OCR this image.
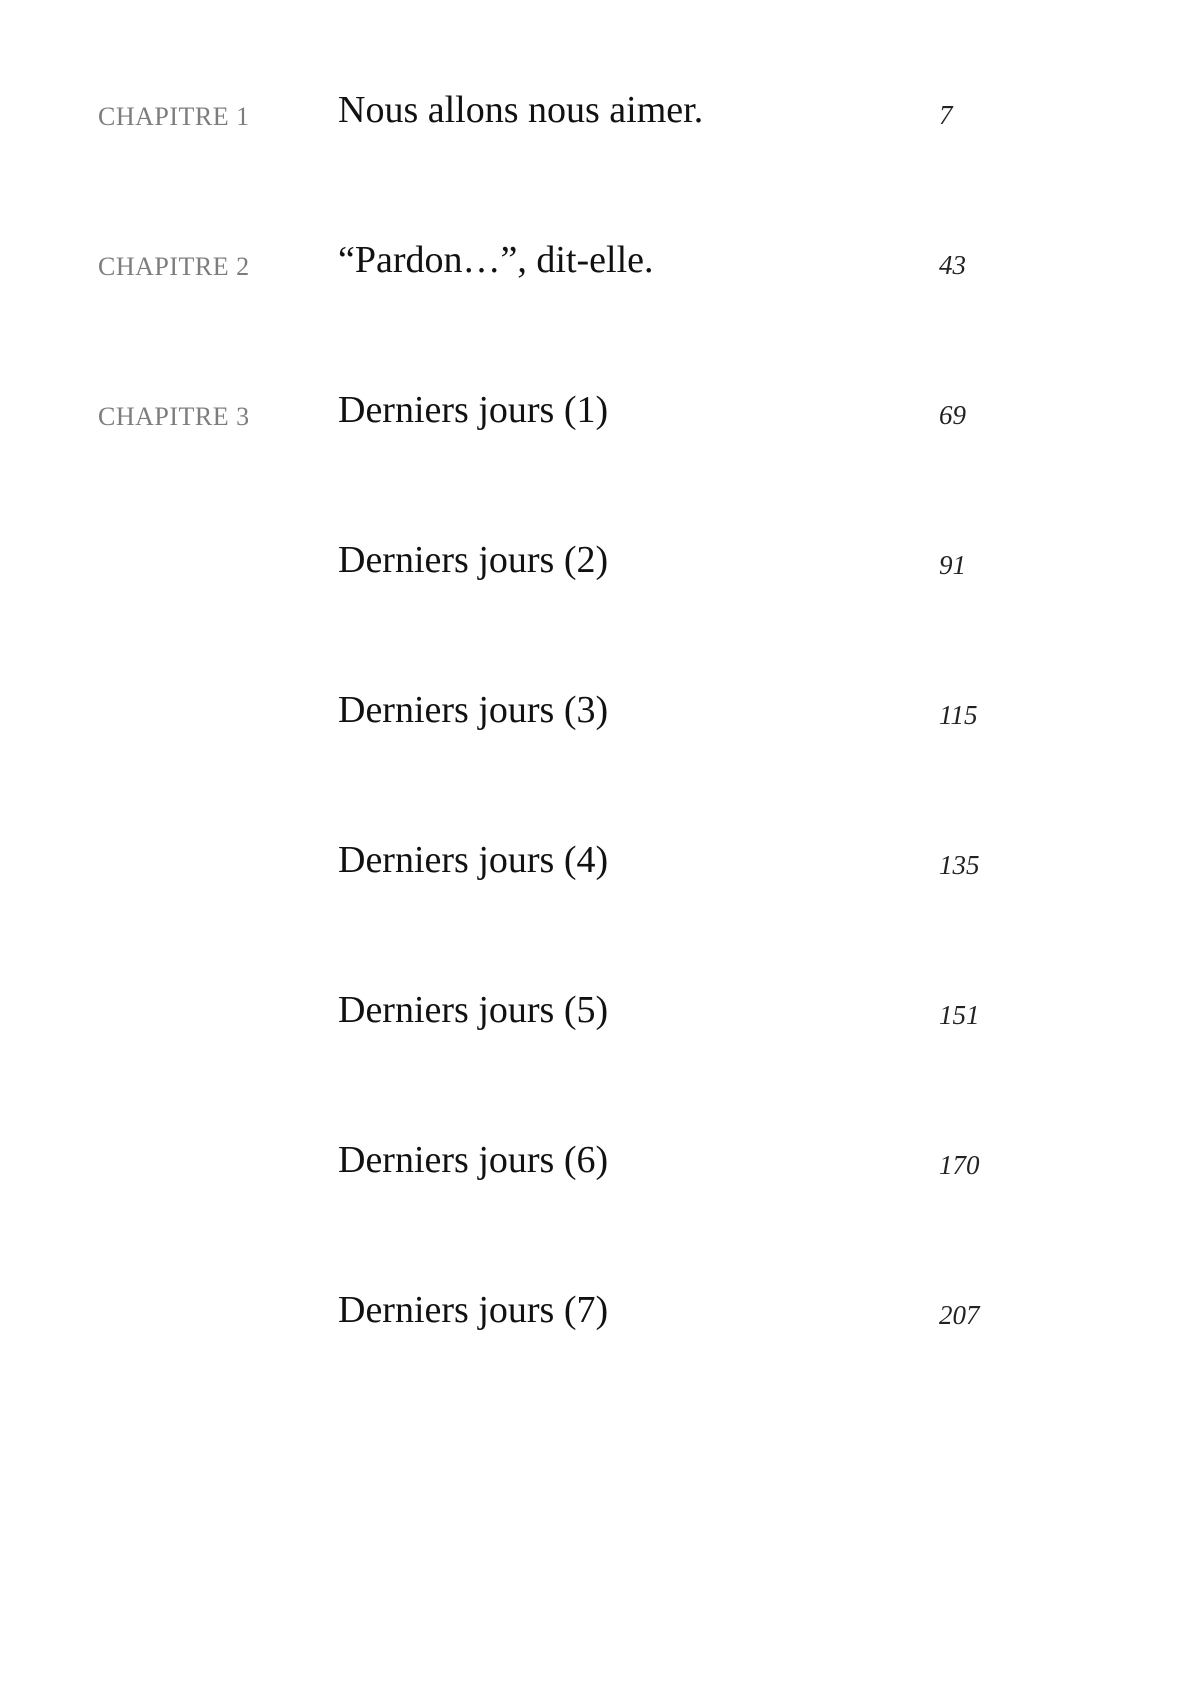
CHAPITRE 1 Nous allons nous aimer.	7
CHAPITRE 2 “Pardon…”, dit-elle.	43
CHAPITRE 3 Derniers jours (1)	69
Derniers jours (2)	91
Derniers jours (3)	115
Derniers jours (4)	135
Derniers jours (5)	151
Derniers jours (6)	170
Derniers jours (7)	207
